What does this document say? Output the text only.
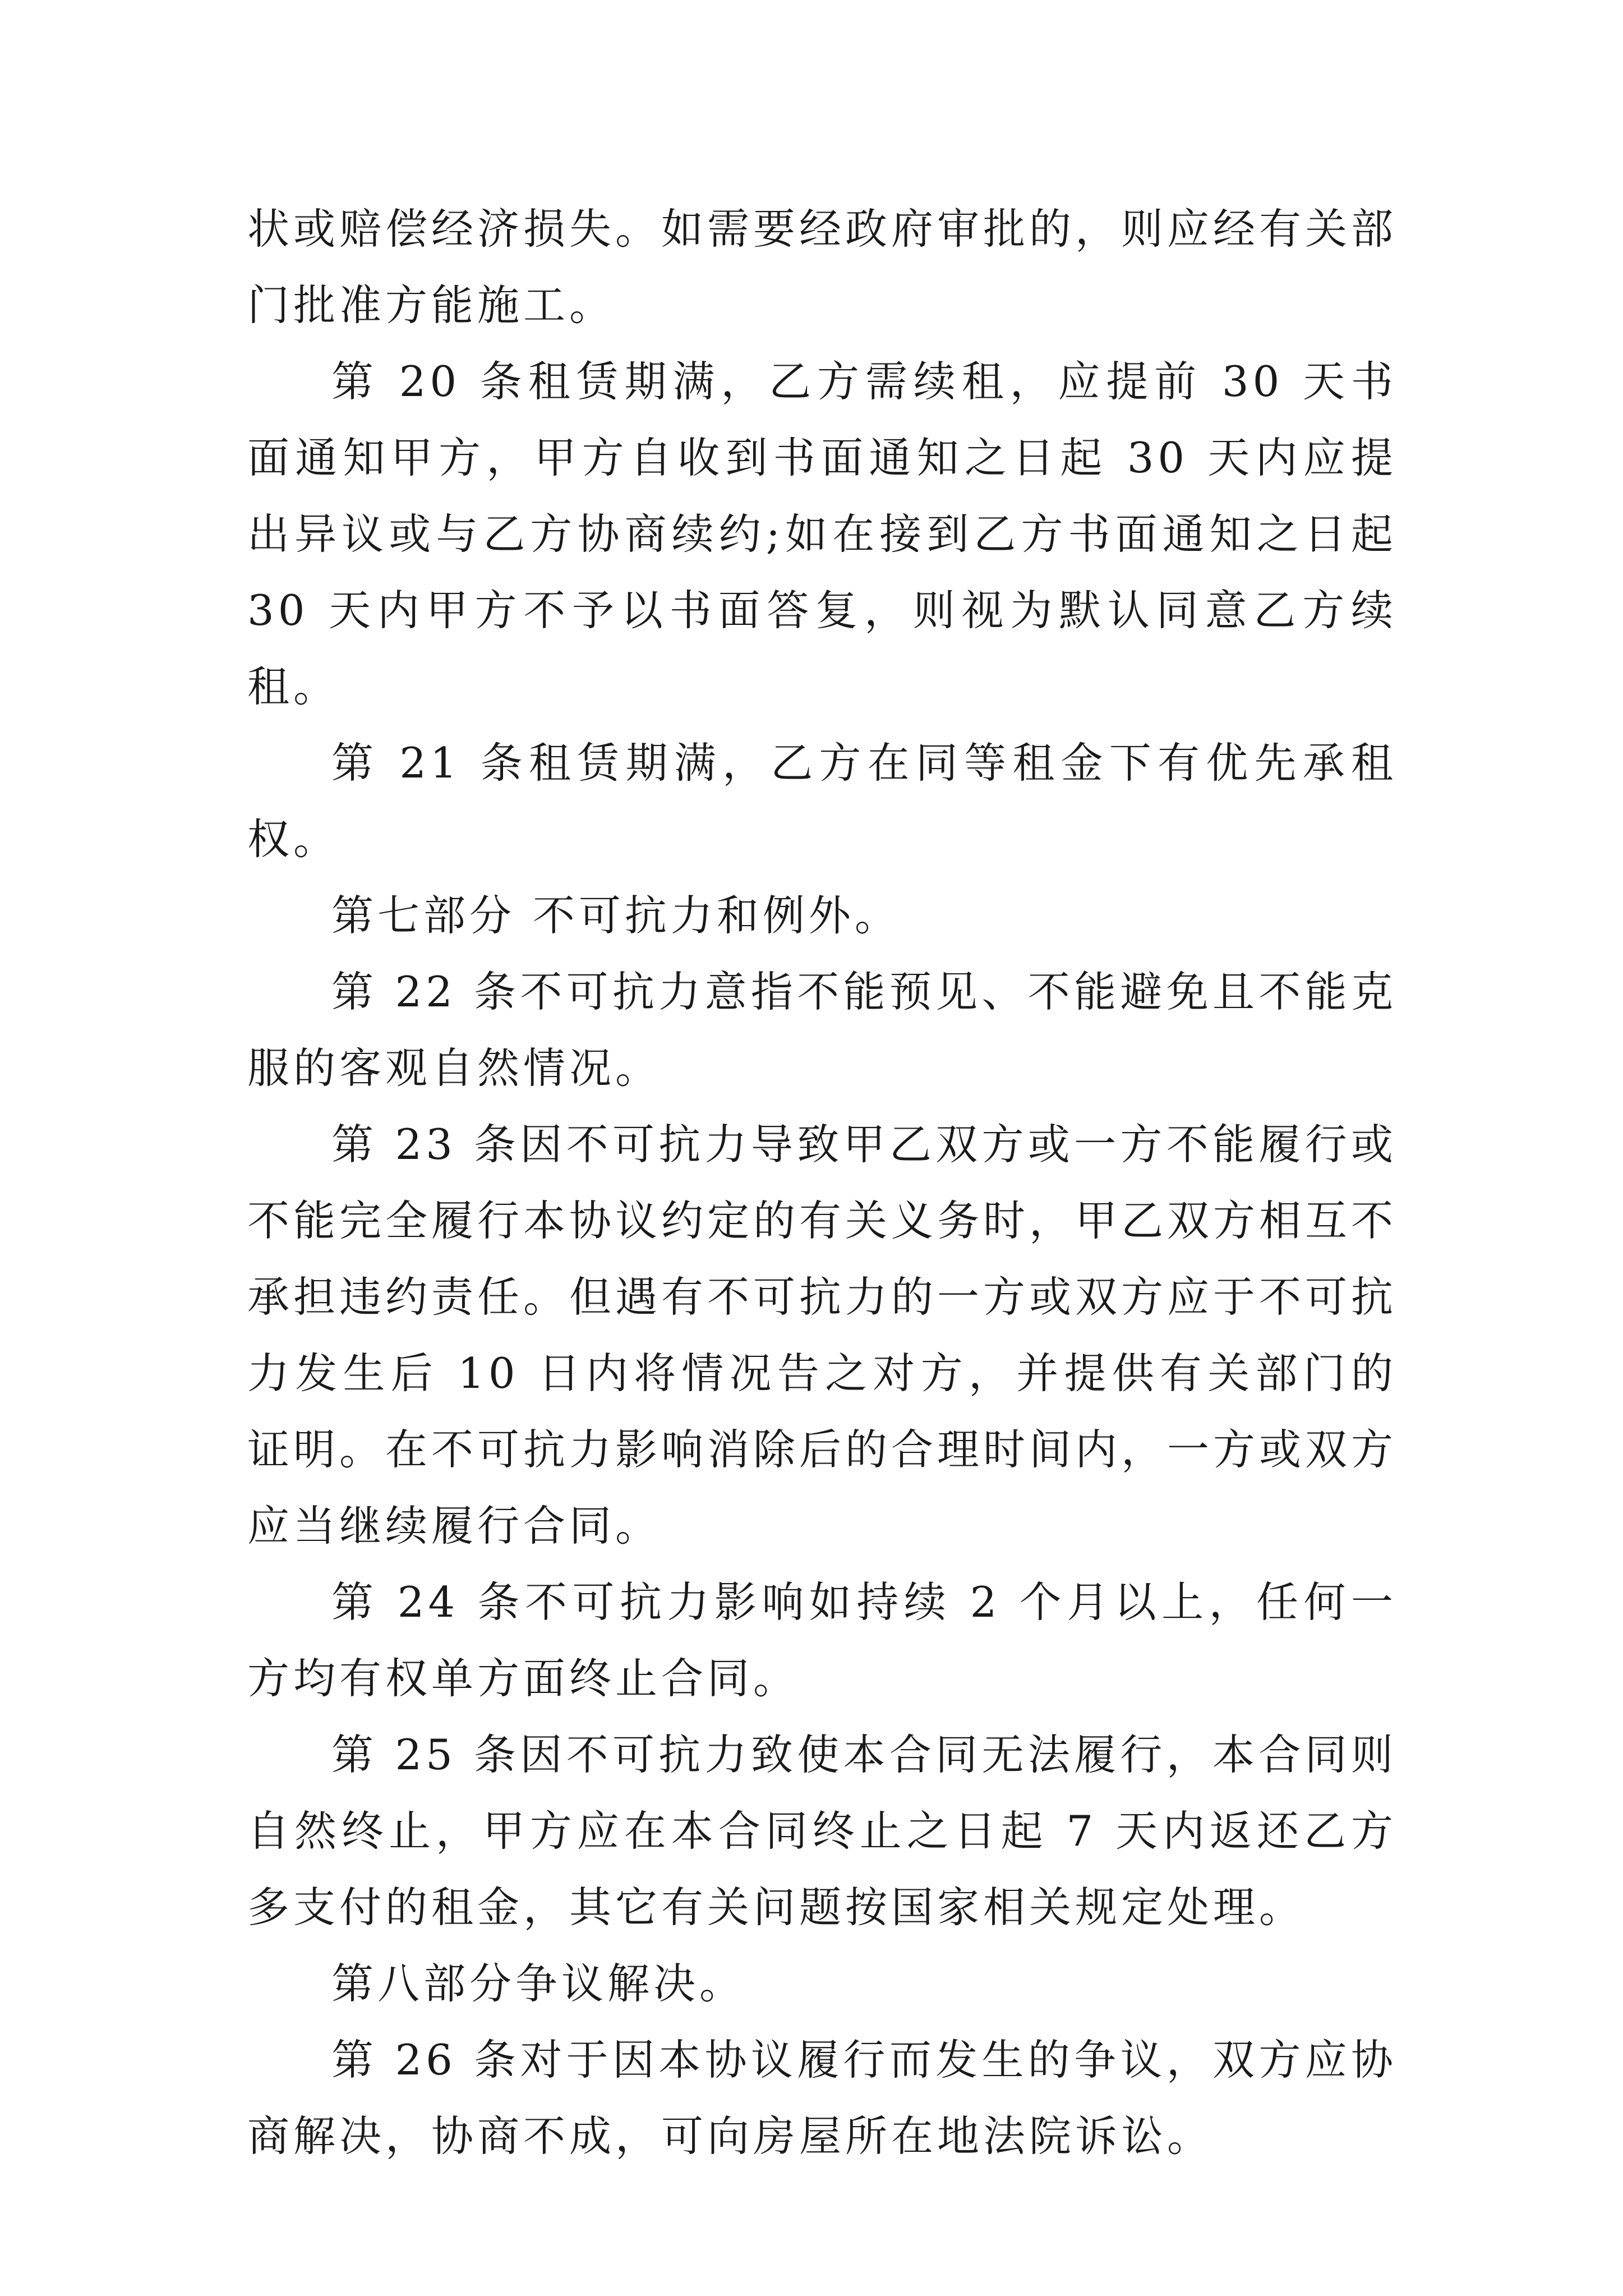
状或赔偿经济损失。如需要经政府审批的，则应经有关部门批准方能施工。

第 20 条租赁期满，乙方需续租，应提前 30 天书面通知甲方，甲方自收到书面通知之日起 30 天内应提出异议或与乙方协商续约;如在接到乙方书面通知之日起 30 天内甲方不予以书面答复，则视为默认同意乙方续租。

第 21 条租赁期满，乙方在同等租金下有优先承租权。

第七部分 不可抗力和例外。

第 22 条不可抗力意指不能预见、不能避免且不能克服的客观自然情况。

第 23 条因不可抗力导致甲乙双方或一方不能履行或不能完全履行本协议约定的有关义务时，甲乙双方相互不承担违约责任。但遇有不可抗力的一方或双方应于不可抗力发生后 10 日内将情况告之对方，并提供有关部门的证明。在不可抗力影响消除后的合理时间内，一方或双方应当继续履行合同。

第 24 条不可抗力影响如持续 2 个月以上，任何一方均有权单方面终止合同。

第 25 条因不可抗力致使本合同无法履行，本合同则自然终止，甲方应在本合同终止之日起 7 天内返还乙方多支付的租金，其它有关问题按国家相关规定处理。

第八部分争议解决。

第 26 条对于因本协议履行而发生的争议，双方应协商解决，协商不成，可向房屋所在地法院诉讼。
